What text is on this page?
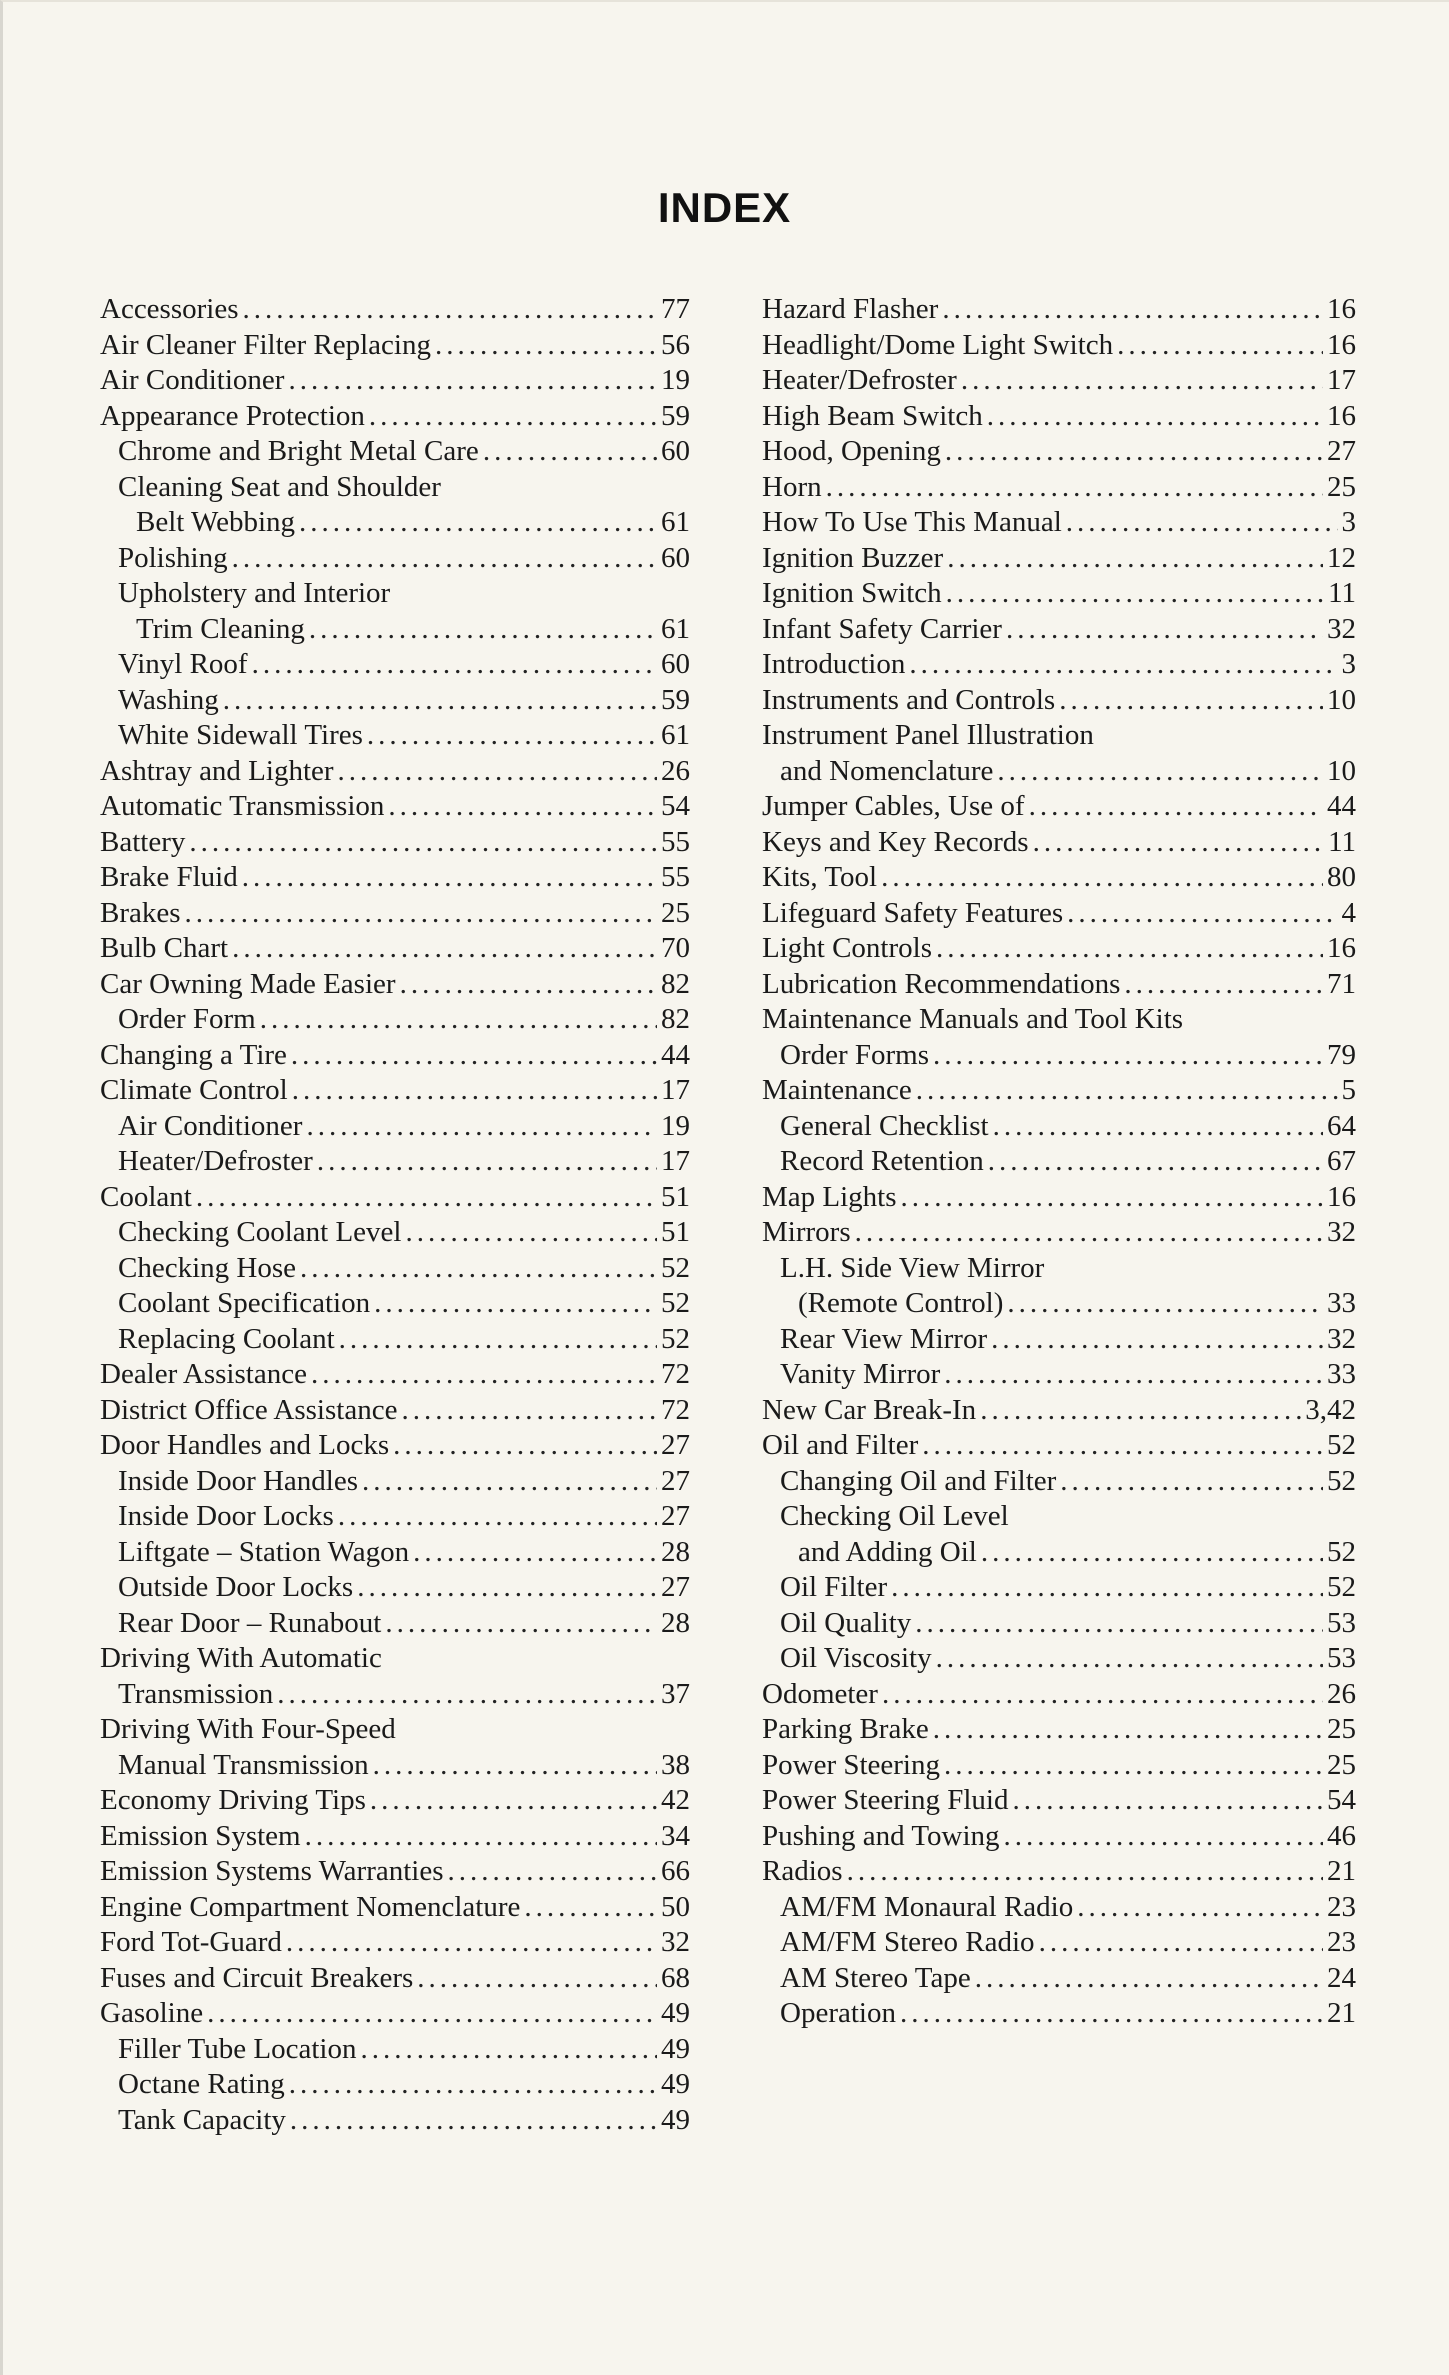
INDEX
Accessories .....	77
Air Cleaner Filter Replacing .....	56
Air Conditioner .....	19
Appearance Protection .....	59
Chrome and Bright Metal Care .....	60
Cleaning Seat and Shoulder
Belt Webbing .....	61
Polishing .....	60
Upholstery and Interior
Trim Cleaning .....	61
Vinyl Roof .....	60
Washing .....	59
White Sidewall Tires .....	61
Ashtray and Lighter .....	26
Automatic Transmission .....	54
Battery .....	55
Brake Fluid .....	55
Brakes .....	25
Bulb Chart .....	70
Car Owning Made Easier .....	82
Order Form .....	82
Changing a Tire .....	44
Climate Control .....	17
Air Conditioner .....	19
Heater/Defroster .....	17
Coolant .....	51
Checking Coolant Level .....	51
Checking Hose .....	52
Coolant Specification .....	52
Replacing Coolant .....	52
Dealer Assistance .....	72
District Office Assistance .....	72
Door Handles and Locks .....	27
Inside Door Handles .....	27
Inside Door Locks .....	27
Liftgate – Station Wagon .....	28
Outside Door Locks .....	27
Rear Door – Runabout .....	28
Driving With Automatic
Transmission .....	37
Driving With Four-Speed
Manual Transmission .....	38
Economy Driving Tips .....	42
Emission System .....	34
Emission Systems Warranties .....	66
Engine Compartment Nomenclature .....	50
Ford Tot-Guard .....	32
Fuses and Circuit Breakers .....	68
Gasoline .....	49
Filler Tube Location .....	49
Octane Rating .....	49
Tank Capacity .....	49
Hazard Flasher .....	16
Headlight/Dome Light Switch .....	16
Heater/Defroster .....	17
High Beam Switch .....	16
Hood, Opening .....	27
Horn .....	25
How To Use This Manual .....	3
Ignition Buzzer .....	12
Ignition Switch .....	11
Infant Safety Carrier .....	32
Introduction .....	3
Instruments and Controls .....	10
Instrument Panel Illustration
and Nomenclature .....	10
Jumper Cables, Use of .....	44
Keys and Key Records .....	11
Kits, Tool .....	80
Lifeguard Safety Features .....	4
Light Controls .....	16
Lubrication Recommendations .....	71
Maintenance Manuals and Tool Kits
Order Forms .....	79
Maintenance .....	5
General Checklist .....	64
Record Retention .....	67
Map Lights .....	16
Mirrors .....	32
L.H. Side View Mirror
(Remote Control) .....	33
Rear View Mirror .....	32
Vanity Mirror .....	33
New Car Break-In .....	3,42
Oil and Filter .....	52
Changing Oil and Filter .....	52
Checking Oil Level
and Adding Oil .....	52
Oil Filter .....	52
Oil Quality .....	53
Oil Viscosity .....	53
Odometer .....	26
Parking Brake .....	25
Power Steering .....	25
Power Steering Fluid .....	54
Pushing and Towing .....	46
Radios .....	21
AM/FM Monaural Radio .....	23
AM/FM Stereo Radio .....	23
AM Stereo Tape .....	24
Operation .....	21
